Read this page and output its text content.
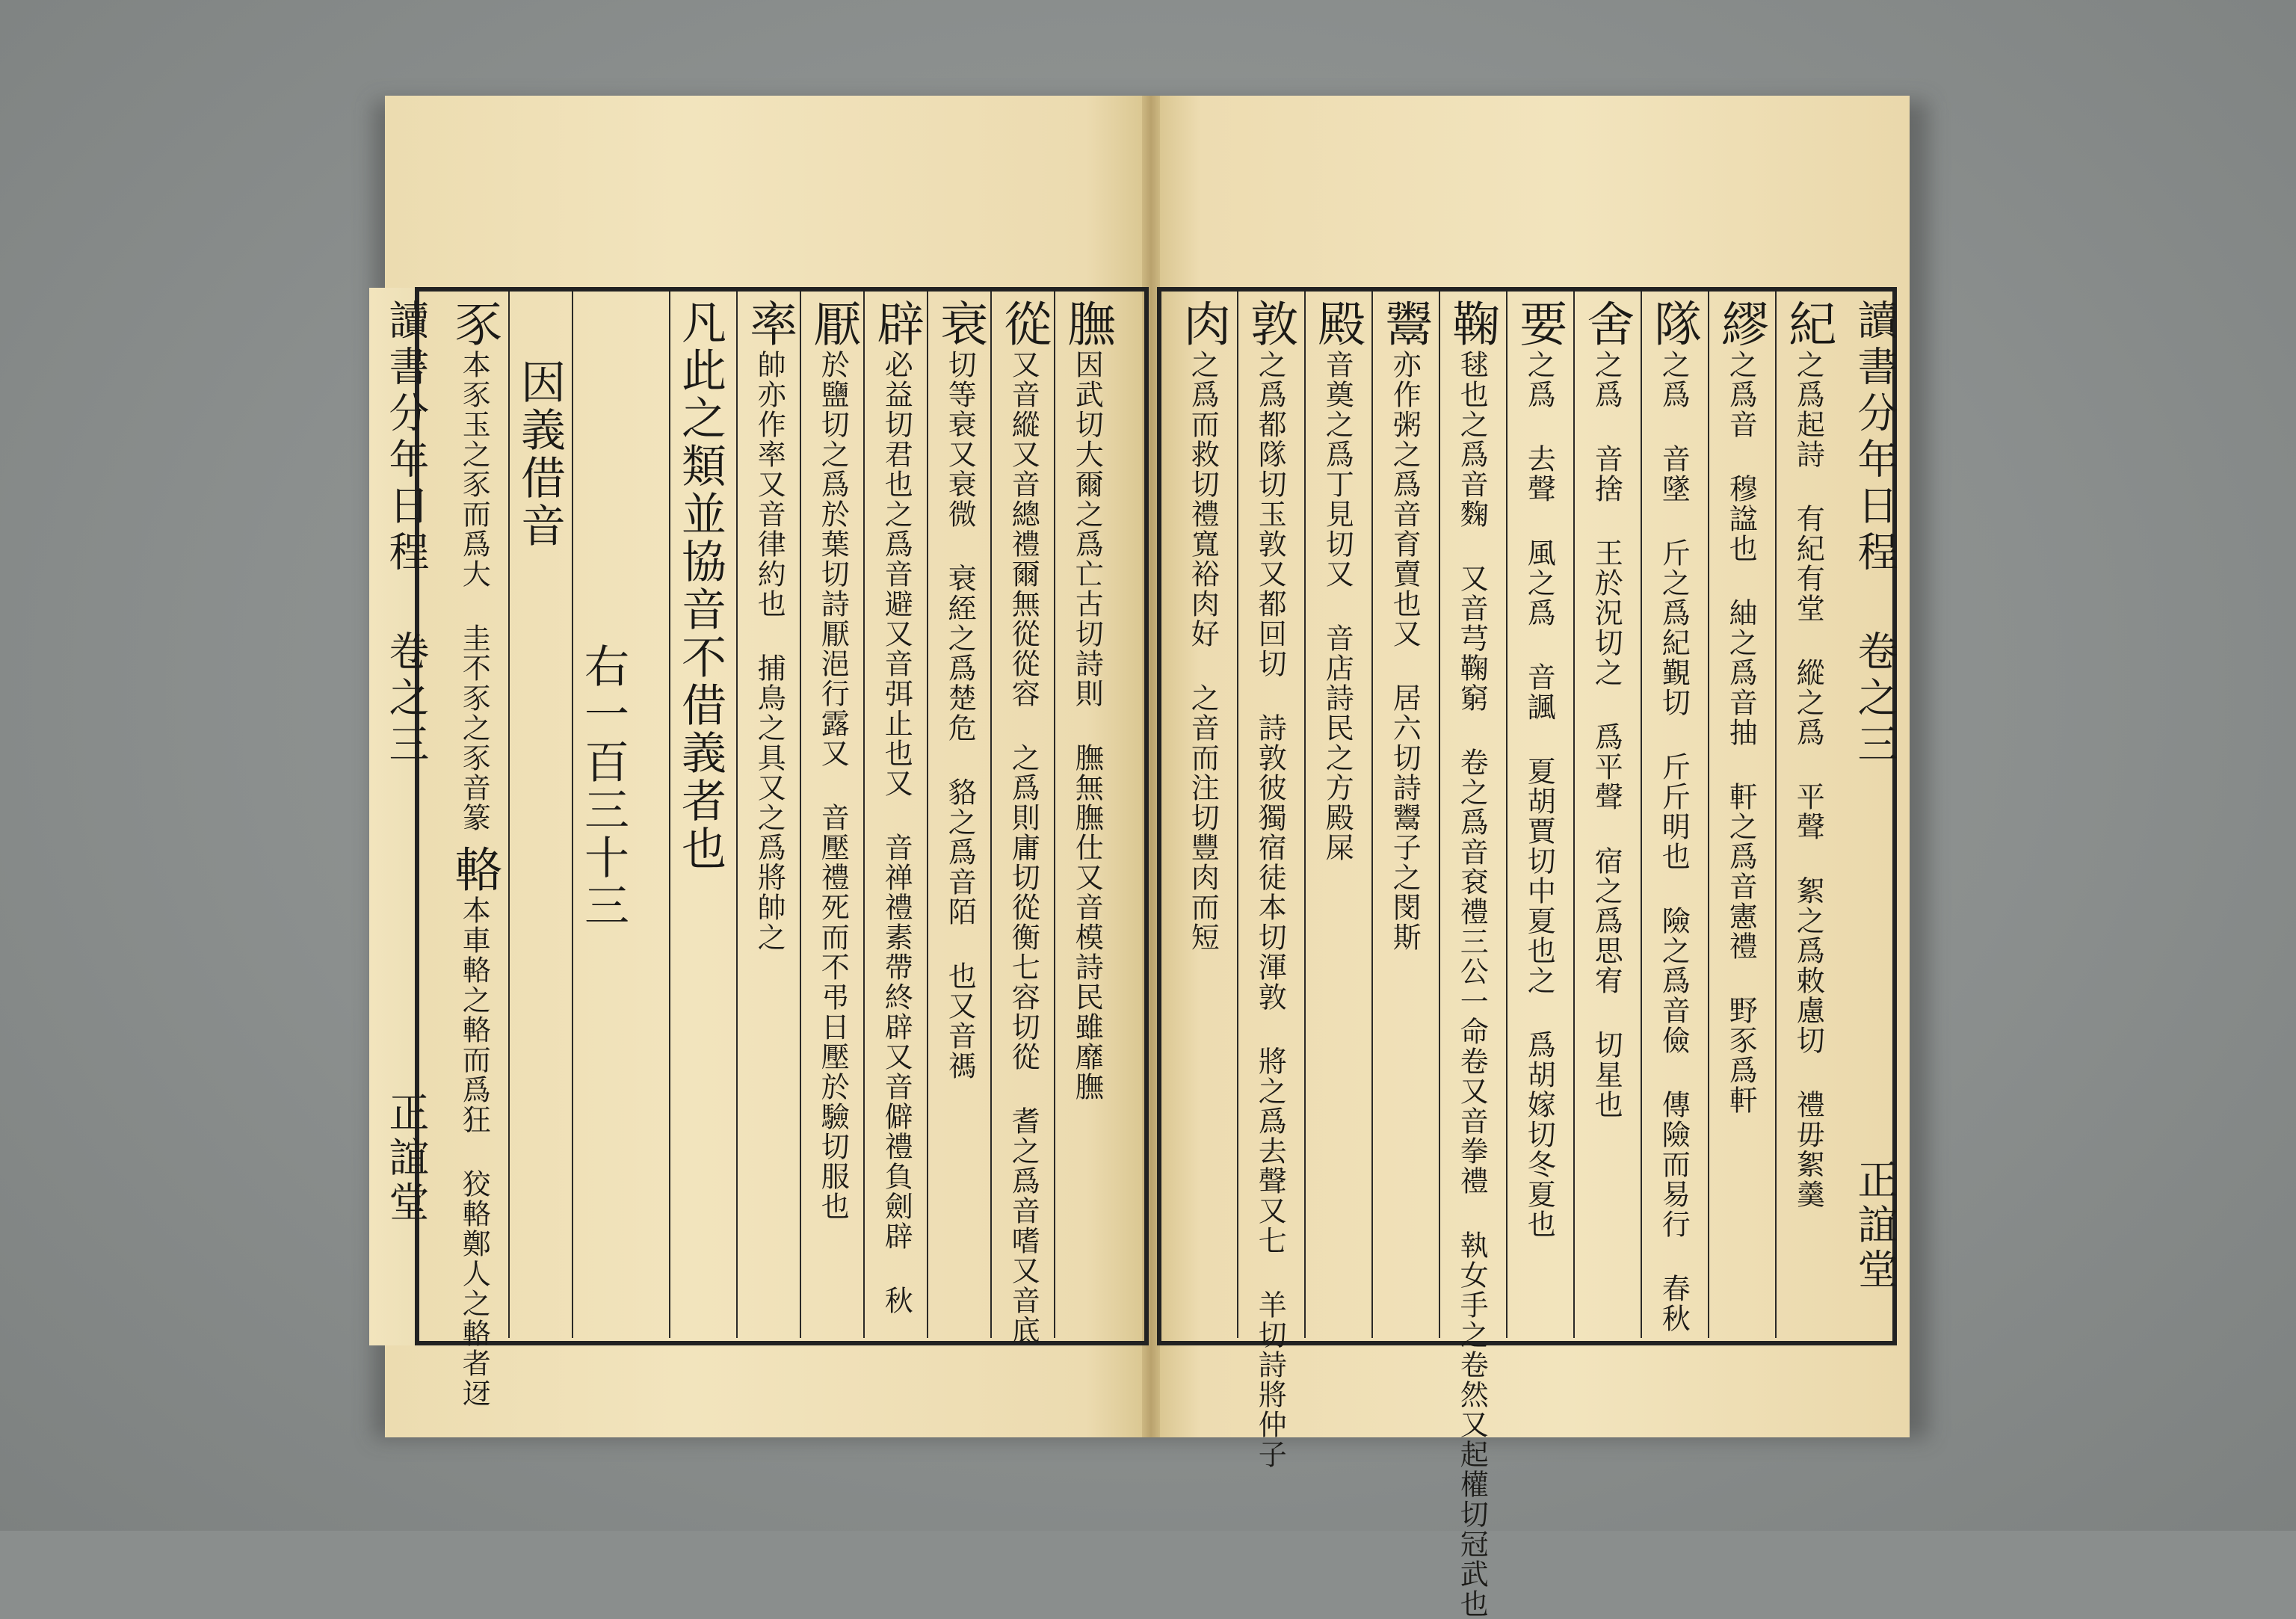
讀書分年日程 卷之三
正誼堂
讀書分年日程 卷之三
正誼堂
膴因武切大爾之爲亡古切詩則 膴無膴仕又音模詩民雖靡膴
從又音縱又音總禮爾無從從容 之爲則庸切從衡七容切從 耆之爲音嗜又音底
衰切等衰又衰微 衰絰之爲楚危 貉之爲音陌 也又音禡
辟必益切君也之爲音避又音弭止也又 音禅禮素帶終辟又音僻禮負劍辟 秋
厭於鹽切之爲於葉切詩厭浥行露又 音壓禮死而不弔日壓於驗切服也
率帥亦作率又音律約也 捕鳥之具又之爲將帥之
凡此之類並協音不借義者也
右一百三十三
因義借音
豕本豕玉之豕而爲大 圭不豕之豕音篆
輅本車輅之輅而爲狂 狡輅鄭人之輅者迓
紀之爲起詩 有紀有堂 縱之爲 平聲 絮之爲敕慮切 禮毋絮羹
繆之爲音 穆諡也 紬之爲音抽 軒之爲音憲禮 野豕爲軒
隊之爲 音墜 斤之爲紀覲切 斤斤明也 險之爲音儉 傳險而易行 春秋
舍之爲 音捨 王於況切之 爲平聲 宿之爲思宥 切星也
要之爲 去聲 風之爲 音諷 夏胡賈切中夏也之 爲胡嫁切冬夏也
鞠毬也之爲音麴 又音芎鞠窮 卷之爲音袞禮三公一命卷又音拳禮 執女手之卷然又起權切冠武也
鬻亦作粥之爲音育賣也又 居六切詩鬻子之閔斯
殿音奠之爲丁見切又 音店詩民之方殿屎
敦之爲都隊切玉敦又都回切 詩敦彼獨宿徒本切渾敦 將之爲去聲又七 羊切詩將仲子
肉之爲而救切禮寬裕肉好 之音而注切豐肉而短
